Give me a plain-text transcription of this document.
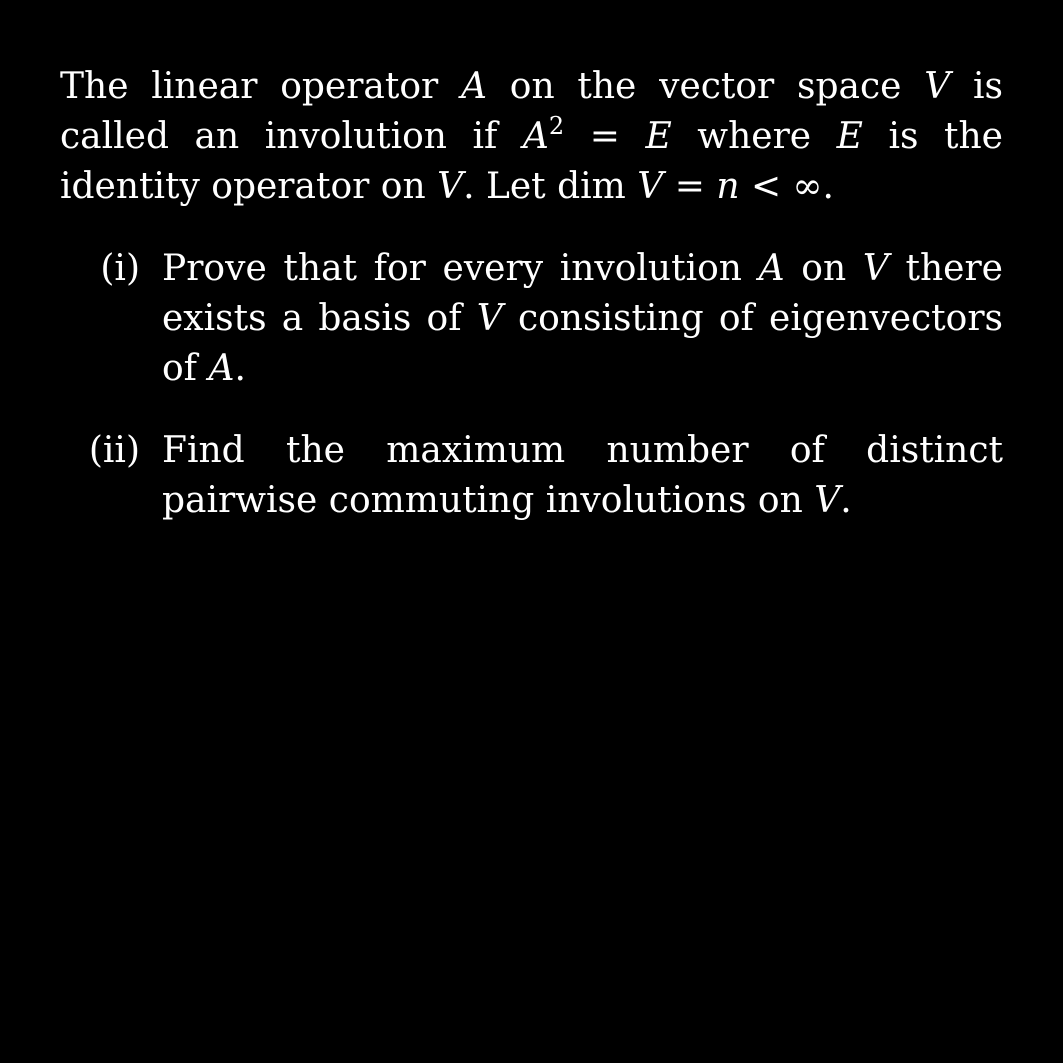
The linear operator A on the vector space V is called an involution if $A^2 = E$ where E is the identity operator on V. Let dim V = n < ∞.

(i) Prove that for every involution A on V there exists a basis of V consisting of eigenvectors of A.
(ii) Find the maximum number of distinct pairwise commuting involutions on V.
